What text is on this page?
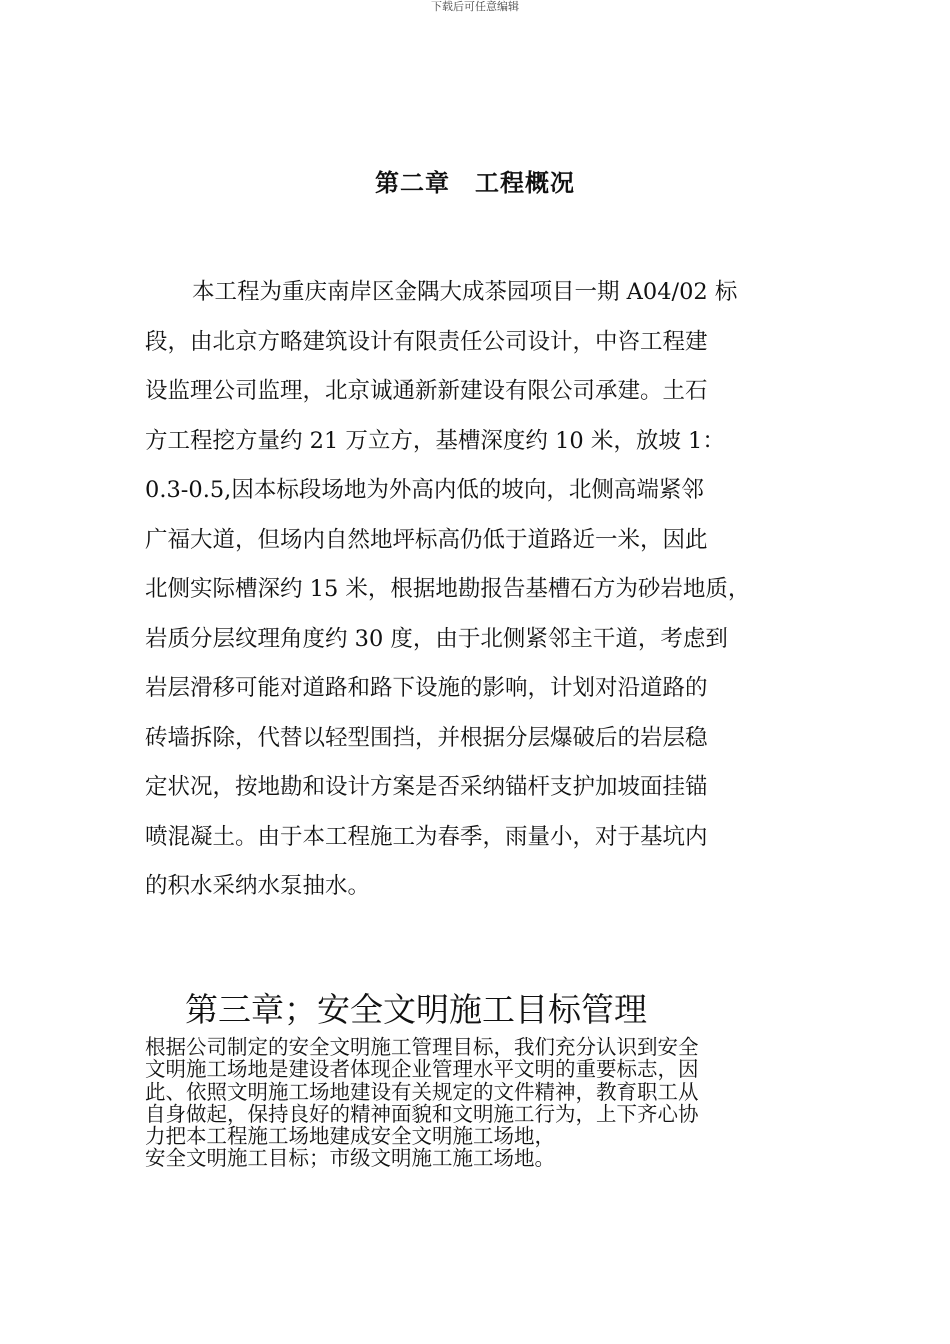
下载后可任意编辑
第二章　工程概况
本工程为重庆南岸区金隅大成茶园项目一期 A04/02 标
段，由北京方略建筑设计有限责任公司设计，中咨工程建
设监理公司监理，北京诚通新新建设有限公司承建。土石
方工程挖方量约 21 万立方，基槽深度约 10 米，放坡 1：
0.3-0.5,因本标段场地为外高内低的坡向，北侧高端紧邻
广福大道，但场内自然地坪标高仍低于道路近一米，因此
北侧实际槽深约 15 米，根据地勘报告基槽石方为砂岩地质，
岩质分层纹理角度约 30 度，由于北侧紧邻主干道，考虑到
岩层滑移可能对道路和路下设施的影响，计划对沿道路的
砖墙拆除，代替以轻型围挡，并根据分层爆破后的岩层稳
定状况，按地勘和设计方案是否采纳锚杆支护加坡面挂锚
喷混凝土。由于本工程施工为春季，雨量小，对于基坑内
的积水采纳水泵抽水。
第三章；安全文明施工目标管理
根据公司制定的安全文明施工管理目标，我们充分认识到安全
文明施工场地是建设者体现企业管理水平文明的重要标志，因
此、依照文明施工场地建设有关规定的文件精神，教育职工从
自身做起，保持良好的精神面貌和文明施工行为，上下齐心协
力把本工程施工场地建成安全文明施工场地，
安全文明施工目标；市级文明施工施工场地。
